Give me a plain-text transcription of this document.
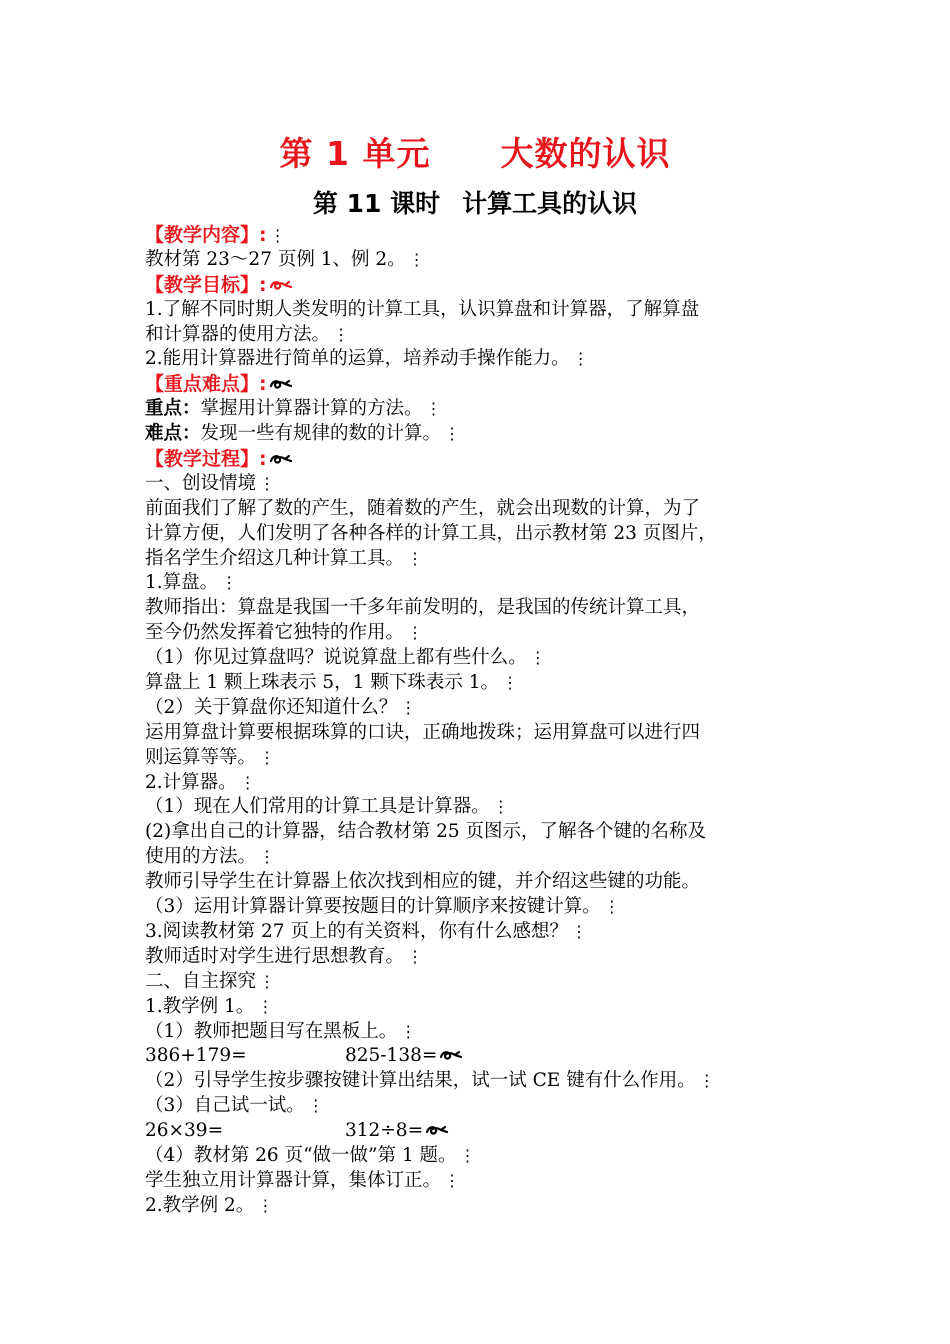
第 1 单元 大数的认识
第 11 课时 计算工具的认识
【教学内容】: ⋮
教材第 23～27 页例 1、例 2。 ⋮
【教学目标】:
1.了解不同时期人类发明的计算工具，认识算盘和计算器，了解算盘
和计算器的使用方法。 ⋮
2.能用计算器进行简单的运算，培养动手操作能力。 ⋮
【重点难点】:
重点：掌握用计算器计算的方法。 ⋮
难点：发现一些有规律的数的计算。 ⋮
【教学过程】:
一、创设情境 ⋮
前面我们了解了数的产生，随着数的产生，就会出现数的计算，为了
计算方便，人们发明了各种各样的计算工具，出示教材第 23 页图片，
指名学生介绍这几种计算工具。 ⋮
1.算盘。 ⋮
教师指出：算盘是我国一千多年前发明的，是我国的传统计算工具，
至今仍然发挥着它独特的作用。 ⋮
（1）你见过算盘吗？说说算盘上都有些什么。 ⋮
算盘上 1 颗上珠表示 5，1 颗下珠表示 1。 ⋮
（2）关于算盘你还知道什么？ ⋮
运用算盘计算要根据珠算的口诀，正确地拨珠；运用算盘可以进行四
则运算等等。 ⋮
2.计算器。 ⋮
（1）现在人们常用的计算工具是计算器。 ⋮
(2)拿出自己的计算器，结合教材第 25 页图示，了解各个键的名称及
使用的方法。 ⋮
教师引导学生在计算器上依次找到相应的键，并介绍这些键的功能。
（3）运用计算器计算要按题目的计算顺序来按键计算。 ⋮
3.阅读教材第 27 页上的有关资料，你有什么感想？ ⋮
教师适时对学生进行思想教育。 ⋮
二、自主探究 ⋮
1.教学例 1。 ⋮
（1）教师把题目写在黑板上。 ⋮
386+179=	825-138=
（2）引导学生按步骤按键计算出结果，试一试 CE 键有什么作用。 ⋮
（3）自己试一试。 ⋮
26×39=	312÷8=
（4）教材第 26 页“做一做”第 1 题。 ⋮
学生独立用计算器计算，集体订正。 ⋮
2.教学例 2。 ⋮
